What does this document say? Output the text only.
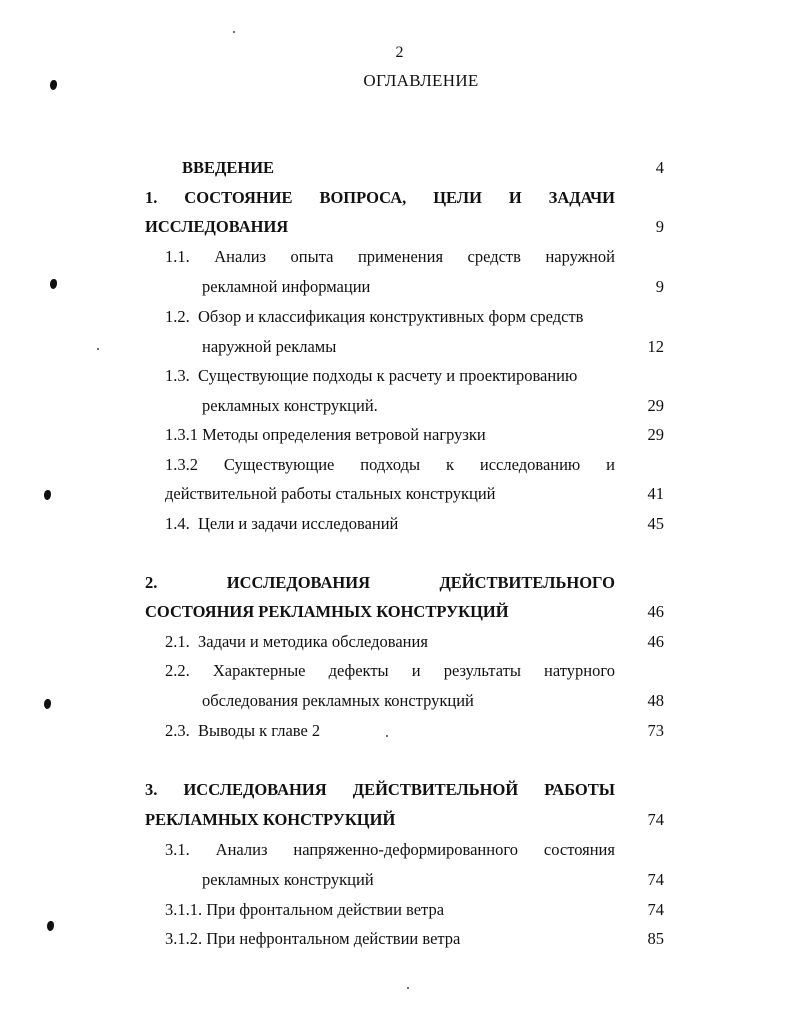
2
ОГЛАВЛЕНИЕ
ВВЕДЕНИЕ	4
1. СОСТОЯНИЕ ВОПРОСА, ЦЕЛИ И ЗАДАЧИ
ИССЛЕДОВАНИЯ	9
1.1. Анализ опыта применения средств наружной
рекламной информации	9
1.2.  Обзор и классификация конструктивных форм средств
наружной рекламы	12
1.3.  Существующие подходы к расчету и проектированию
рекламных конструкций.	29
1.3.1 Методы определения ветровой нагрузки	29
1.3.2 Существующие подходы к исследованию и
действительной работы стальных конструкций	41
1.4.  Цели и задачи исследований	45
2.	ИССЛЕДОВАНИЯ	ДЕЙСТВИТЕЛЬНОГО
СОСТОЯНИЯ РЕКЛАМНЫХ КОНСТРУКЦИЙ	46
2.1.  Задачи и методика обследования	46
2.2. Характерные дефекты и результаты натурного
обследования рекламных конструкций	48
2.3.  Выводы к главе 2	73
3. ИССЛЕДОВАНИЯ ДЕЙСТВИТЕЛЬНОЙ РАБОТЫ
РЕКЛАМНЫХ КОНСТРУКЦИЙ	74
3.1. Анализ напряженно-деформированного состояния
рекламных конструкций	74
3.1.1. При фронтальном действии ветра	74
3.1.2. При нефронтальном действии ветра	85
